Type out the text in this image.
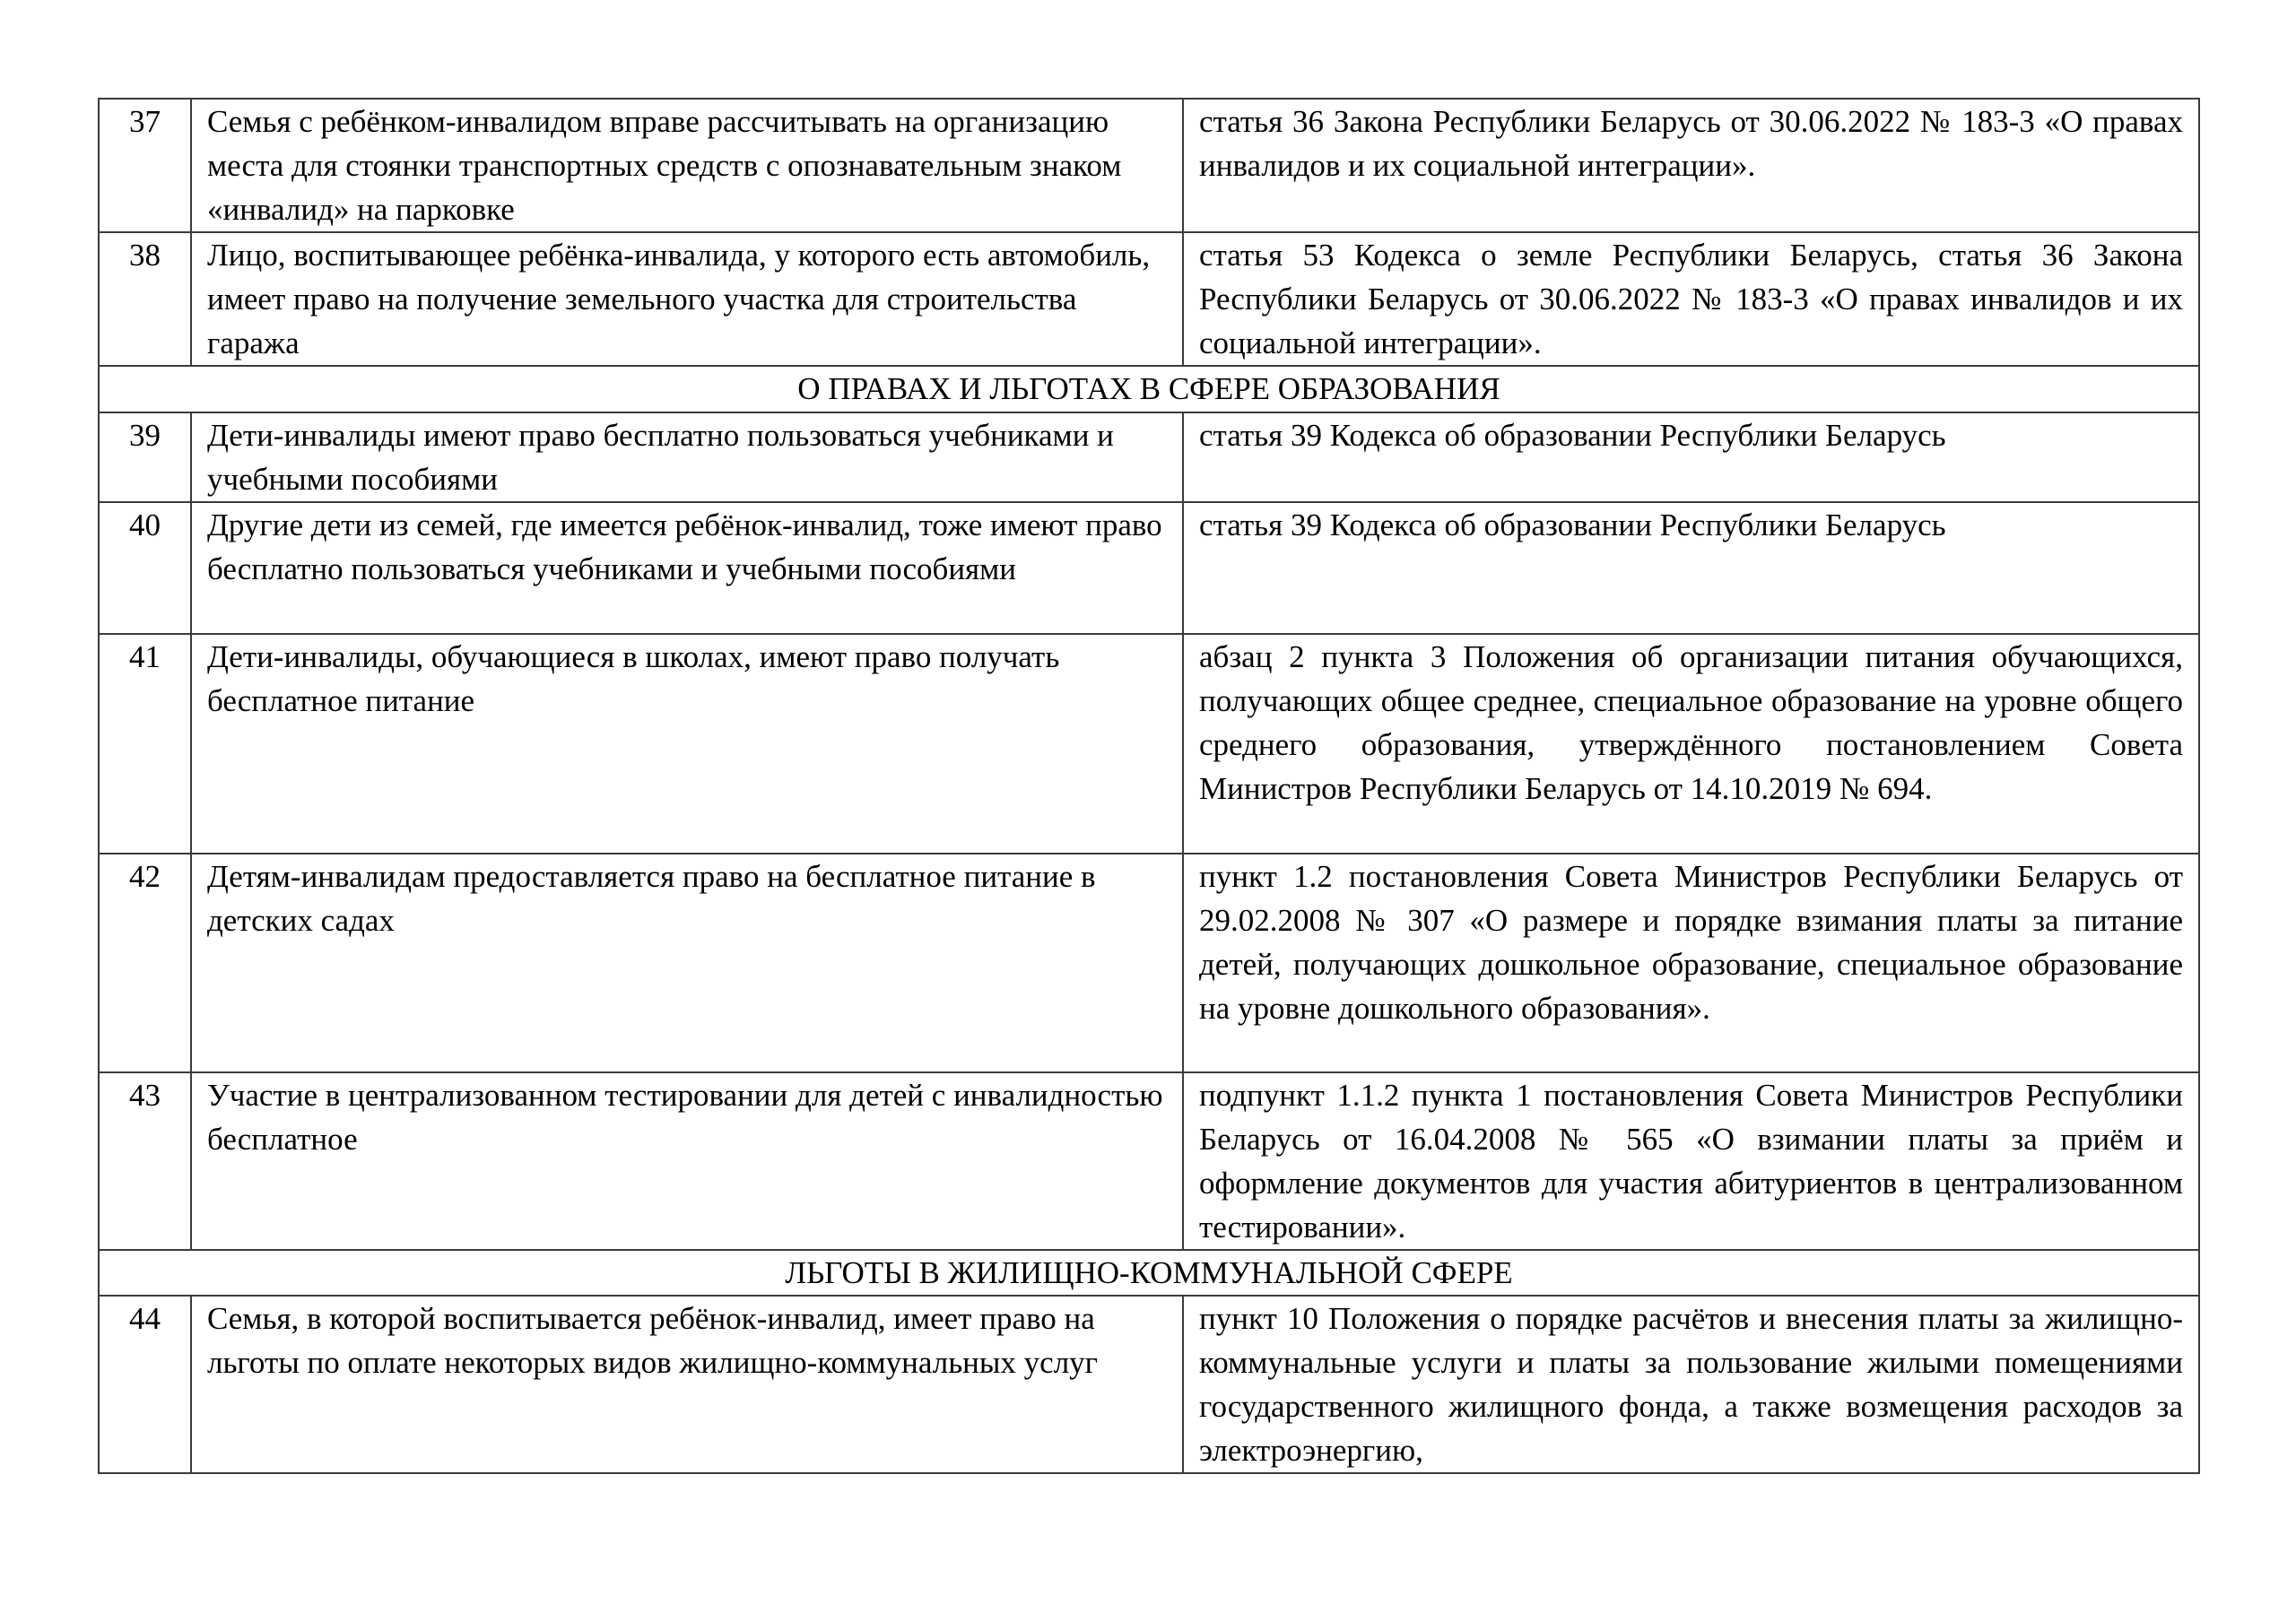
37	Семья с ребёнком-инвалидом вправе рассчитывать на организацию места для стоянки транспортных средств с опознавательным знаком «инвалид» на парковке	статья 36 Закона Республики Беларусь от 30.06.2022 № 183-3 «О правах инвалидов и их социальной интеграции».
38	Лицо, воспитывающее ребёнка-инвалида, у которого есть автомобиль, имеет право на получение земельного участка для строительства гаража	статья 53 Кодекса о земле Республики Беларусь, статья 36 Закона Республики Беларусь от 30.06.2022 № 183-3 «О правах инвалидов и их социальной интеграции».
О ПРАВАХ И ЛЬГОТАХ В СФЕРЕ ОБРАЗОВАНИЯ		
39	Дети-инвалиды имеют право бесплатно пользоваться учебниками и учебными пособиями	статья 39 Кодекса об образовании Республики Беларусь
40	Другие дети из семей, где имеется ребёнок-инвалид, тоже имеют право бесплатно пользоваться учебниками и учебными пособиями	статья 39 Кодекса об образовании Республики Беларусь
41	Дети-инвалиды, обучающиеся в школах, имеют право получать бесплатное питание	абзац 2 пункта 3 Положения об организации питания обучающихся, получающих общее среднее, специальное образование на уровне общего среднего образования, утверждённого постановлением Совета Министров Республики Беларусь от 14.10.2019 № 694.
42	Детям-инвалидам предоставляется право на бесплатное питание в детских садах	пункт 1.2 постановления Совета Министров Республики Беларусь от 29.02.2008 № 307 «О размере и порядке взимания платы за питание детей, получающих дошкольное образование, специальное образование на уровне дошкольного образования».
43	Участие в централизованном тестировании для детей с инвалидностью бесплатное	подпункт 1.1.2 пункта 1 постановления Совета Министров Республики Беларусь от 16.04.2008 № 565 «О взимании платы за приём и оформление документов для участия абитуриентов в централизованном тестировании».
ЛЬГОТЫ В ЖИЛИЩНО-КОММУНАЛЬНОЙ СФЕРЕ		
44	Семья, в которой воспитывается ребёнок-инвалид, имеет право на льготы по оплате некоторых видов жилищно-коммунальных услуг	пункт 10 Положения о порядке расчётов и внесения платы за жилищно-коммунальные услуги и платы за пользование жилыми помещениями государственного жилищного фонда, а также возмещения расходов за электроэнергию,
